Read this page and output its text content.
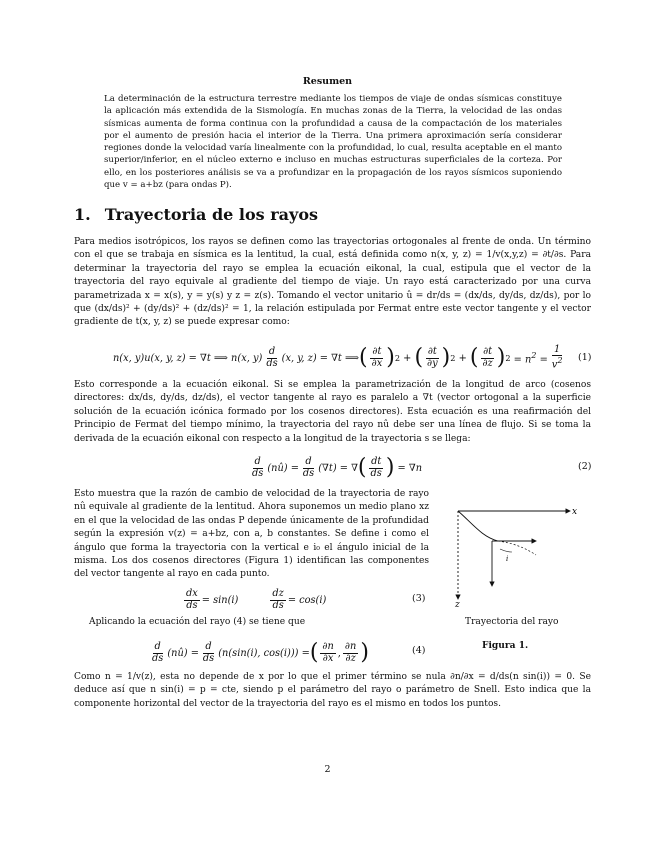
Resumen
La determinación de la estructura terrestre mediante los tiempos de viaje de ondas sísmicas constituye la aplicación más extendida de la Sismología. En muchas zonas de la Tierra, la velocidad de las ondas sísmicas aumenta de forma continua con la profundidad a causa de la compactación de los materiales por el aumento de presión hacia el interior de la Tierra. Una primera aproximación sería considerar regiones donde la velocidad varía linealmente con la profundidad, lo cual, resulta aceptable en el manto superior/inferior, en el núcleo externo e incluso en muchas estructuras superficiales de la corteza. Por ello, en los posteriores análisis se va a profundizar en la propagación de los rayos sísmicos suponiendo que v = a+bz (para ondas P).
1. Trayectoria de los rayos
Para medios isotrópicos, los rayos se definen como las trayectorias ortogonales al frente de onda. Un término con el que se trabaja en sísmica es la lentitud, la cual, está definida como n(x, y, z) = 1/v(x,y,z) = ∂t/∂s. Para determinar la trayectoria del rayo se emplea la ecuación eikonal, la cual, estipula que el vector de la trayectoria del rayo equivale al gradiente del tiempo de viaje. Un rayo está caracterizado por una curva parametrizada x = x(s), y = y(s) y z = z(s). Tomando el vector unitario û = dr/ds = (dx/ds, dy/ds, dz/ds), por lo que (dx/ds)² + (dy/ds)² + (dz/ds)² = 1, la relación estipulada por Fermat entre este vector tangente y el vector gradiente de t(x, y, z) se puede expresar como:
n(x, y)u(x, y, z) = ∇t ⟹ n(x, $y) \frac{d}{ds} (x$, y, z) = ∇t ⟹ ( $\frac{\partial t}{\partial x}$ ) 2 + ( $\frac{\partial t}{\partial y}$ ) 2 + ( $\frac{\partial t}{\partial z}$ ) $2 = n^2 = \frac{1}{v^2} (1)$
Esto corresponde a la ecuación eikonal. Si se emplea la parametrización de la longitud de arco (cosenos directores: dx/ds, dy/ds, dz/ds), el vector tangente al rayo es paralelo a ∇t (vector ortogonal a la superficie solución de la ecuación icónica formado por los cosenos directores). Esta ecuación es una reafirmación del Principio de Fermat del tiempo mínimo, la trayectoria del rayo nû debe ser una línea de flujo. Si se toma la derivada de la ecuación eikonal con respecto a la longitud de la trayectoria s se llega:
$\frac{d}{ds}$ (nû) = $\frac{d}{ds} (\nabla t)$ = ∇ ( $\frac{dt}{ds}$ ) = ∇n	(2)
Esto muestra que la razón de cambio de velocidad de la trayectoria de rayo nû equivale al gradiente de la lentitud. Ahora suponemos un medio plano xz en el que la velocidad de las ondas P depende únicamente de la profundidad según la expresión v(z) = a+bz, con a, b constantes. Se define i como el ángulo que forma la trayectoria con la vertical e i₀ el ángulo inicial de la misma. Los dos cosenos directores (Figura 1) identifican las componentes del vector tangente al rayo en cada punto.
$\frac{dx}{ds} = \sin(i)$	$\frac{dz}{ds} = \cos(i)$	(3)
Aplicando la ecuación del rayo (4) se tiene que
$\frac{d}{ds}$ (nû) = $\frac{d}{ds} (n(\sin(i)$, cos(i))) = ( $\frac{\partial n}{\partial x}$ , $\frac{\partial n}{\partial z}$ )	(4)
Como n = 1/v(z), esta no depende de x por lo que el primer término se nula ∂n/∂x = d/ds(n sin(i)) = 0. Se deduce así que n sin(i) = p = cte, siendo p el parámetro del rayo o parámetro de Snell. Esto indica que la componente horizontal del vector de la trayectoria del rayo es el mismo en todos los puntos.
x
z
i
Trayectoria del rayo
Figura 1.
2
